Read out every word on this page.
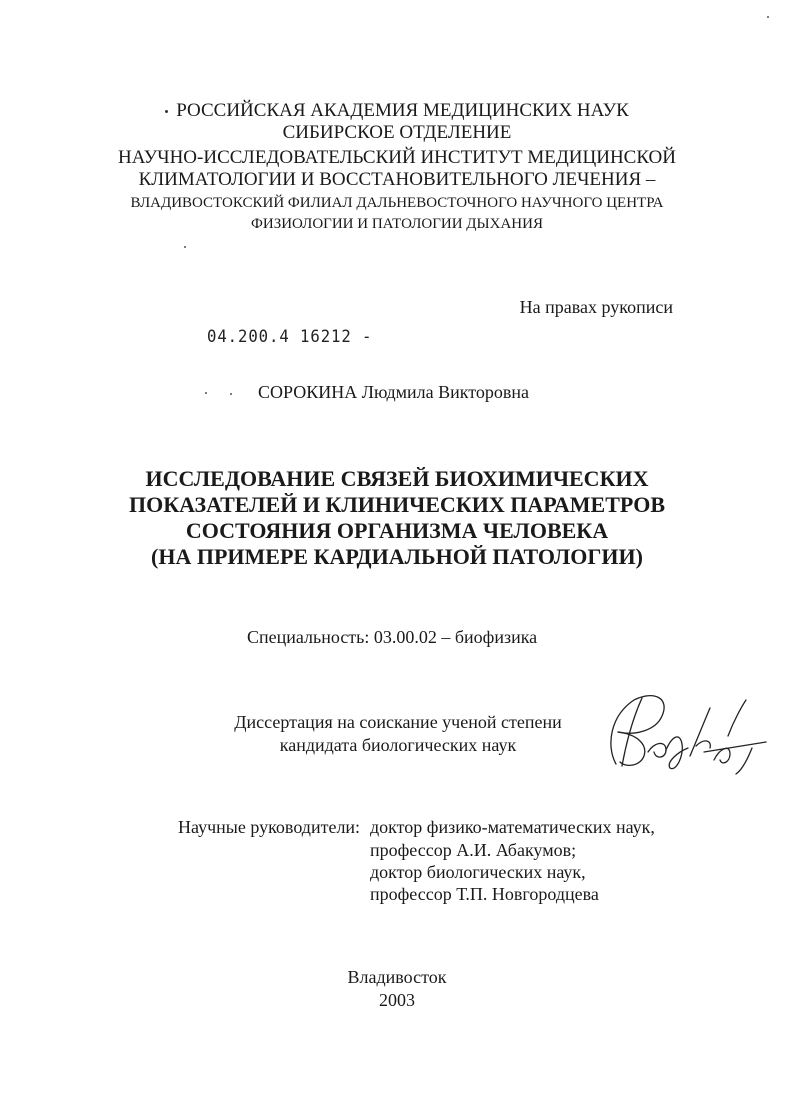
РОССИЙСКАЯ АКАДЕМИЯ МЕДИЦИНСКИХ НАУК
СИБИРСКОЕ ОТДЕЛЕНИЕ
НАУЧНО-ИССЛЕДОВАТЕЛЬСКИЙ ИНСТИТУТ МЕДИЦИНСКОЙ
КЛИМАТОЛОГИИ И ВОССТАНОВИТЕЛЬНОГО ЛЕЧЕНИЯ –
ВЛАДИВОСТОКСКИЙ ФИЛИАЛ ДАЛЬНЕВОСТОЧНОГО НАУЧНОГО ЦЕНТРА
ФИЗИОЛОГИИ И ПАТОЛОГИИ ДЫХАНИЯ
На правах рукописи
04.200.4 16212 -
СОРОКИНА Людмила Викторовна
ИССЛЕДОВАНИЕ СВЯЗЕЙ БИОХИМИЧЕСКИХ
ПОКАЗАТЕЛЕЙ И КЛИНИЧЕСКИХ ПАРАМЕТРОВ
СОСТОЯНИЯ ОРГАНИЗМА ЧЕЛОВЕКА
(НА ПРИМЕРЕ КАРДИАЛЬНОЙ ПАТОЛОГИИ)
Специальность: 03.00.02 – биофизика
Диссертация на соискание ученой степени
кандидата биологических наук
Научные руководители: доктор физико-математических наук,
профессор А.И. Абакумов;
доктор биологических наук,
профессор Т.П. Новгородцева
Владивосток
2003
